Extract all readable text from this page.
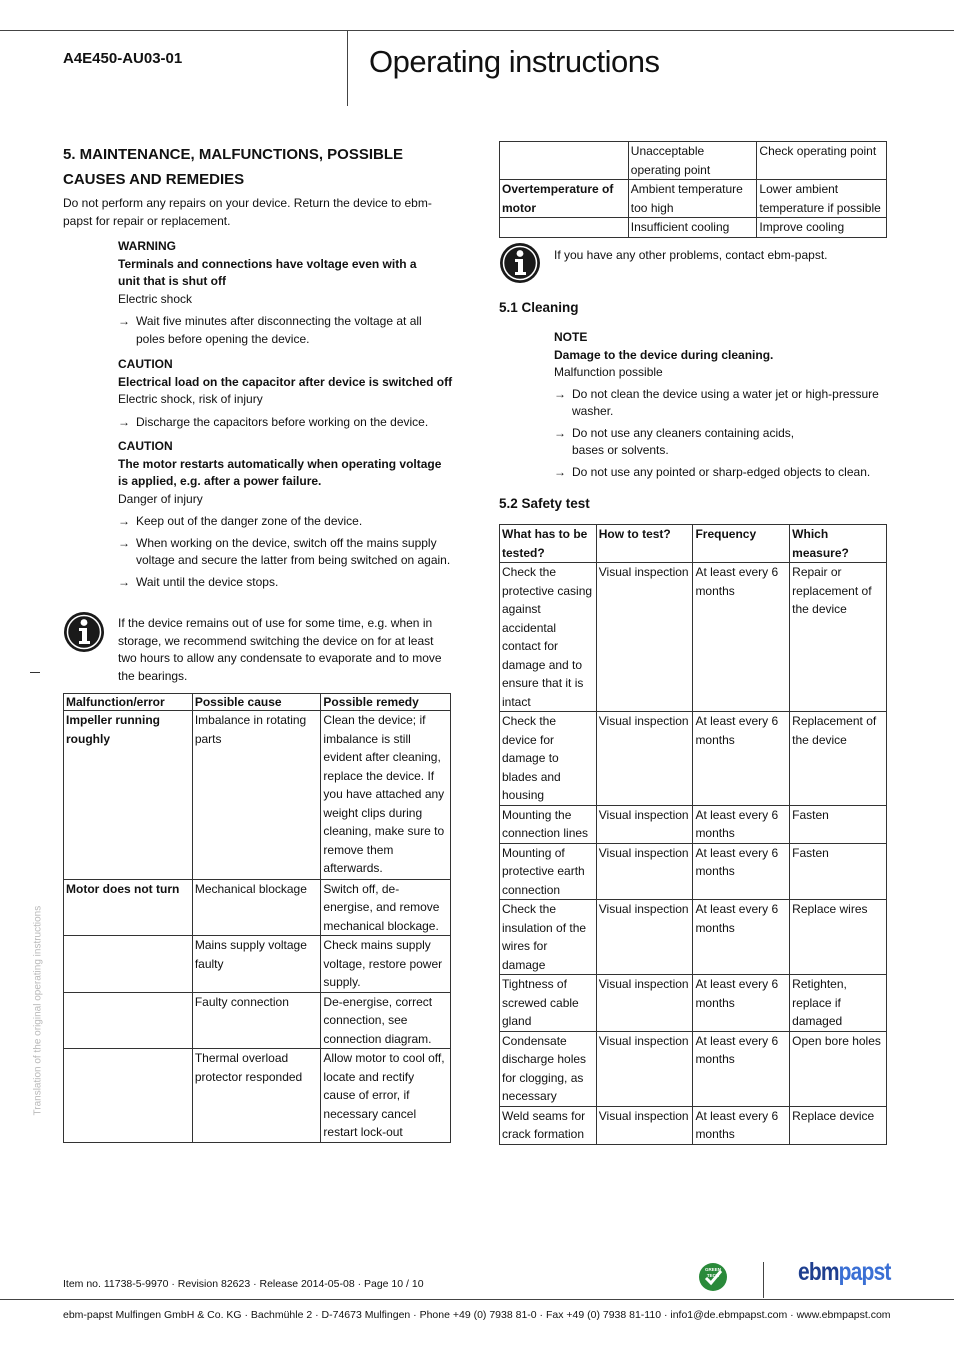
A4E450-AU03-01	Operating instructions
5. MAINTENANCE, MALFUNCTIONS, POSSIBLE
CAUSES AND REMEDIES

Do not perform any repairs on your device. Return the device to ebm-papst for repair or replacement.

WARNING

Terminals and connections have voltage even with a unit that is shut off

Electric shock

→ Wait five minutes after disconnecting the voltage at all poles before opening the device.

CAUTION

Electrical load on the capacitor after device is switched off

Electric shock, risk of injury

→ Discharge the capacitors before working on the device.

CAUTION

The motor restarts automatically when operating voltage is applied, e.g. after a power failure.

Danger of injury

→ Keep out of the danger zone of the device.

→ When working on the device, switch off the mains supply voltage and secure the latter from being switched on again.

→ Wait until the device stops.

If the device remains out of use for some time, e.g. when in storage, we recommend switching the device on for at least two hours to allow any condensate to evaporate and to move the bearings.

Malfunction/error	Possible cause	Possible remedy
Impeller running roughly	Imbalance in rotating parts	Clean the device; if imbalance is still evident after cleaning, replace the device. If you have attached any weight clips during cleaning, make sure to remove them afterwards.
Motor does not turn	Mechanical blockage	Switch off, de-energise, and remove mechanical blockage.
	Mains supply voltage faulty	Check mains supply voltage, restore power supply.
	Faulty connection	De-energise, correct connection, see connection diagram.
	Thermal overload protector responded	Allow motor to cool off, locate and rectify cause of error, if necessary cancel restart lock-out
Translation of the original operating instructions
	Unacceptable operating point	Check operating point
Overtemperature of motor	Ambient temperature too high	Lower ambient temperature if possible
	Insufficient cooling	Improve cooling

If you have any other problems, contact ebm-papst.

5.1 Cleaning

NOTE

Damage to the device during cleaning.

Malfunction possible

→ Do not clean the device using a water jet or high-pressure washer.

→ Do not use any cleaners containing acids, bases or solvents.

→ Do not use any pointed or sharp-edged objects to clean.

5.2 Safety test

What has to be tested?	How to test?	Frequency	Which measure?
Check the protective casing against accidental contact for damage and to ensure that it is intact	Visual inspection	At least every 6 months	Repair or replacement of the device
Check the device for damage to blades and housing	Visual inspection	At least every 6 months	Replacement of the device
Mounting the connection lines	Visual inspection	At least every 6 months	Fasten
Mounting of protective earth connection	Visual inspection	At least every 6 months	Fasten
Check the insulation of the wires for damage	Visual inspection	At least every 6 months	Replace wires
Tightness of screwed cable gland	Visual inspection	At least every 6 months	Retighten, replace if damaged
Condensate discharge holes for clogging, as necessary	Visual inspection	At least every 6 months	Open bore holes
Weld seams for crack formation	Visual inspection	At least every 6 months	Replace device

Item no. 11738-5-9970 · Revision 82623 · Release 2014-05-08 · Page 10 / 10

GREEN
TECH	ebmpapst

ebm-papst Mulfingen GmbH & Co. KG · Bachmühle 2 · D-74673 Mulfingen · Phone +49 (0) 7938 81-0 · Fax +49 (0) 7938 81-110 · info1@de.ebmpapst.com · www.ebmpapst.com
